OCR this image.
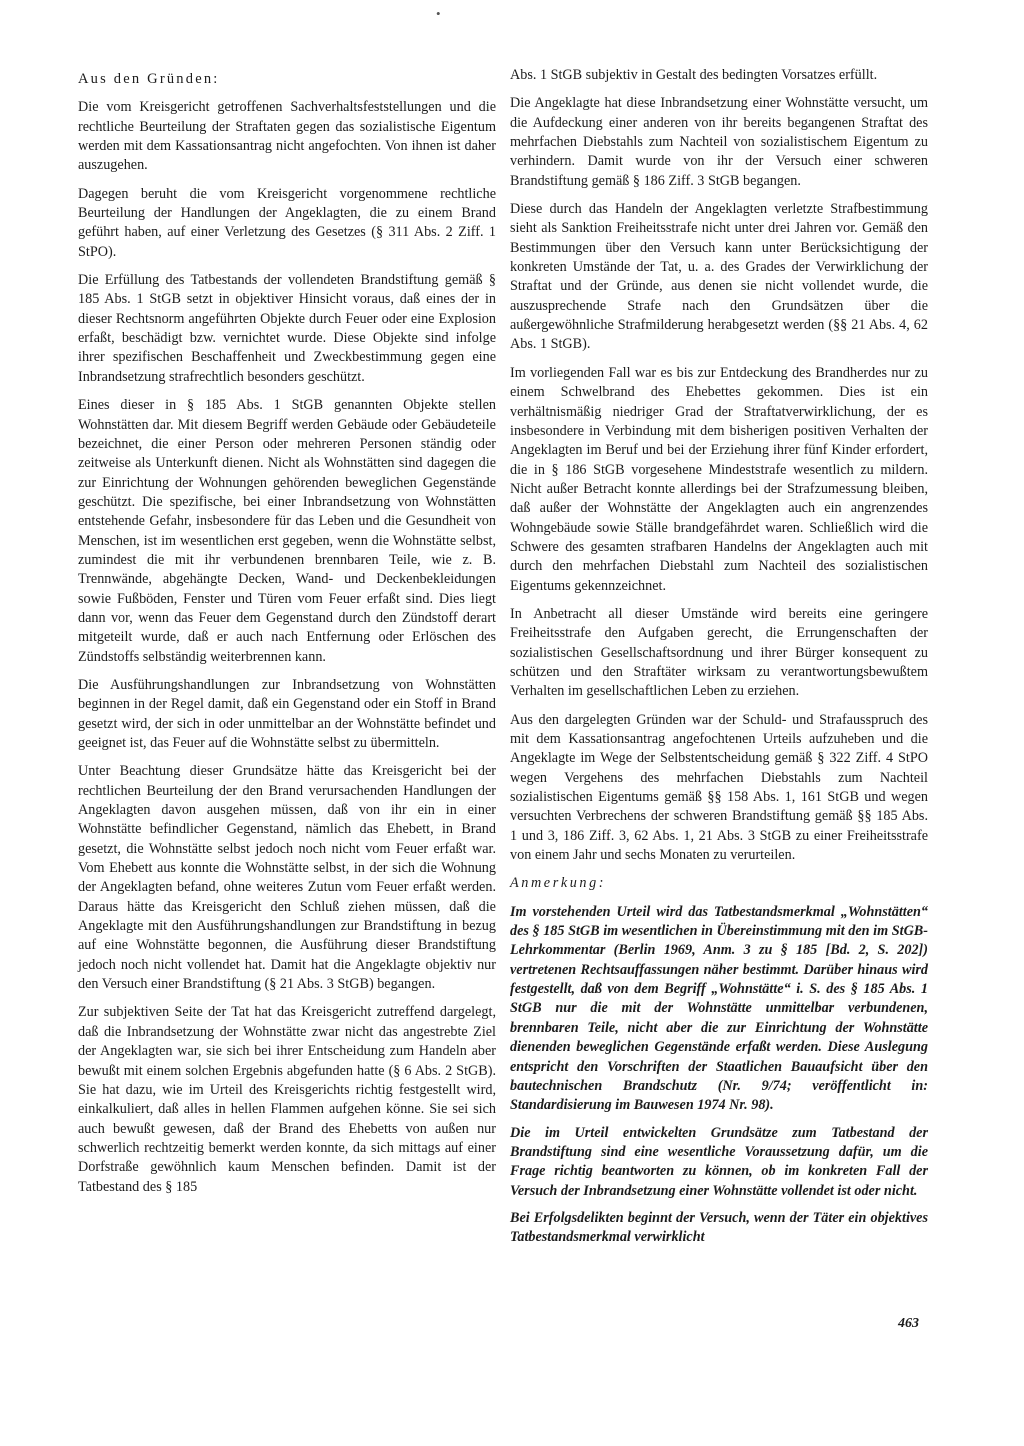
•

Aus den Gründen:

Die vom Kreisgericht getroffenen Sachverhaltsfeststellungen und die rechtliche Beurteilung der Straftaten gegen das sozialistische Eigentum werden mit dem Kassationsantrag nicht angefochten. Von ihnen ist daher auszugehen.

Dagegen beruht die vom Kreisgericht vorgenommene rechtliche Beurteilung der Handlungen der Angeklagten, die zu einem Brand geführt haben, auf einer Verletzung des Gesetzes (§ 311 Abs. 2 Ziff. 1 StPO).

Die Erfüllung des Tatbestands der vollendeten Brandstiftung gemäß § 185 Abs. 1 StGB setzt in objektiver Hinsicht voraus, daß eines der in dieser Rechtsnorm angeführten Objekte durch Feuer oder eine Explosion erfaßt, beschädigt bzw. vernichtet wurde. Diese Objekte sind infolge ihrer spezifischen Beschaffenheit und Zweckbestimmung gegen eine Inbrandsetzung strafrechtlich besonders geschützt.

Eines dieser in § 185 Abs. 1 StGB genannten Objekte stellen Wohnstätten dar. Mit diesem Begriff werden Gebäude oder Gebäudeteile bezeichnet, die einer Person oder mehreren Personen ständig oder zeitweise als Unterkunft dienen. Nicht als Wohnstätten sind dagegen die zur Einrichtung der Wohnungen gehörenden beweglichen Gegenstände geschützt. Die spezifische, bei einer Inbrandsetzung von Wohnstätten entstehende Gefahr, insbesondere für das Leben und die Gesundheit von Menschen, ist im wesentlichen erst gegeben, wenn die Wohnstätte selbst, zumindest die mit ihr verbundenen brennbaren Teile, wie z. B. Trennwände, abgehängte Decken, Wand- und Deckenbekleidungen sowie Fußböden, Fenster und Türen vom Feuer erfaßt sind. Dies liegt dann vor, wenn das Feuer dem Gegenstand durch den Zündstoff derart mitgeteilt wurde, daß er auch nach Entfernung oder Erlöschen des Zündstoffs selbständig weiterbrennen kann.

Die Ausführungshandlungen zur Inbrandsetzung von Wohnstätten beginnen in der Regel damit, daß ein Gegenstand oder ein Stoff in Brand gesetzt wird, der sich in oder unmittelbar an der Wohnstätte befindet und geeignet ist, das Feuer auf die Wohnstätte selbst zu übermitteln.

Unter Beachtung dieser Grundsätze hätte das Kreisgericht bei der rechtlichen Beurteilung der den Brand verursachenden Handlungen der Angeklagten davon ausgehen müssen, daß von ihr ein in einer Wohnstätte befindlicher Gegenstand, nämlich das Ehebett, in Brand gesetzt, die Wohnstätte selbst jedoch noch nicht vom Feuer erfaßt war. Vom Ehebett aus konnte die Wohnstätte selbst, in der sich die Wohnung der Angeklagten befand, ohne weiteres Zutun vom Feuer erfaßt werden. Daraus hätte das Kreisgericht den Schluß ziehen müssen, daß die Angeklagte mit den Ausführungshandlungen zur Brandstiftung in bezug auf eine Wohnstätte begonnen, die Ausführung dieser Brandstiftung jedoch noch nicht vollendet hat. Damit hat die Angeklagte objektiv nur den Versuch einer Brandstiftung (§ 21 Abs. 3 StGB) begangen.

Zur subjektiven Seite der Tat hat das Kreisgericht zutreffend dargelegt, daß die Inbrandsetzung der Wohnstätte zwar nicht das angestrebte Ziel der Angeklagten war, sie sich bei ihrer Entscheidung zum Handeln aber bewußt mit einem solchen Ergebnis abgefunden hatte (§ 6 Abs. 2 StGB). Sie hat dazu, wie im Urteil des Kreisgerichts richtig festgestellt wird, einkalkuliert, daß alles in hellen Flammen aufgehen könne. Sie sei sich auch bewußt gewesen, daß der Brand des Ehebetts von außen nur schwerlich rechtzeitig bemerkt werden konnte, da sich mittags auf einer Dorfstraße gewöhnlich kaum Menschen befinden. Damit ist der Tatbestand des § 185

Abs. 1 StGB subjektiv in Gestalt des bedingten Vorsatzes erfüllt.

Die Angeklagte hat diese Inbrandsetzung einer Wohnstätte versucht, um die Aufdeckung einer anderen von ihr bereits begangenen Straftat des mehrfachen Diebstahls zum Nachteil von sozialistischem Eigentum zu verhindern. Damit wurde von ihr der Versuch einer schweren Brandstiftung gemäß § 186 Ziff. 3 StGB begangen.

Diese durch das Handeln der Angeklagten verletzte Strafbestimmung sieht als Sanktion Freiheitsstrafe nicht unter drei Jahren vor. Gemäß den Bestimmungen über den Versuch kann unter Berücksichtigung der konkreten Umstände der Tat, u. a. des Grades der Verwirklichung der Straftat und der Gründe, aus denen sie nicht vollendet wurde, die auszusprechende Strafe nach den Grundsätzen über die außergewöhnliche Strafmilderung herabgesetzt werden (§§ 21 Abs. 4, 62 Abs. 1 StGB).

Im vorliegenden Fall war es bis zur Entdeckung des Brandherdes nur zu einem Schwelbrand des Ehebettes gekommen. Dies ist ein verhältnismäßig niedriger Grad der Straftatverwirklichung, der es insbesondere in Verbindung mit dem bisherigen positiven Verhalten der Angeklagten im Beruf und bei der Erziehung ihrer fünf Kinder erfordert, die in § 186 StGB vorgesehene Mindeststrafe wesentlich zu mildern. Nicht außer Betracht konnte allerdings bei der Strafzumessung bleiben, daß außer der Wohnstätte der Angeklagten auch ein angrenzendes Wohngebäude sowie Ställe brandgefährdet waren. Schließlich wird die Schwere des gesamten strafbaren Handelns der Angeklagten auch mit durch den mehrfachen Diebstahl zum Nachteil des sozialistischen Eigentums gekennzeichnet.

In Anbetracht all dieser Umstände wird bereits eine geringere Freiheitsstrafe den Aufgaben gerecht, die Errungenschaften der sozialistischen Gesellschaftsordnung und ihrer Bürger konsequent zu schützen und den Straftäter wirksam zu verantwortungsbewußtem Verhalten im gesellschaftlichen Leben zu erziehen.

Aus den dargelegten Gründen war der Schuld- und Strafausspruch des mit dem Kassationsantrag angefochtenen Urteils aufzuheben und die Angeklagte im Wege der Selbstentscheidung gemäß § 322 Ziff. 4 StPO wegen Vergehens des mehrfachen Diebstahls zum Nachteil sozialistischen Eigentums gemäß §§ 158 Abs. 1, 161 StGB und wegen versuchten Verbrechens der schweren Brandstiftung gemäß §§ 185 Abs. 1 und 3, 186 Ziff. 3, 62 Abs. 1, 21 Abs. 3 StGB zu einer Freiheitsstrafe von einem Jahr und sechs Monaten zu verurteilen.

Anmerkung:

Im vorstehenden Urteil wird das Tatbestandsmerkmal „Wohnstätten“ des § 185 StGB im wesentlichen in Übereinstimmung mit den im StGB-Lehrkommentar (Berlin 1969, Anm. 3 zu § 185 [Bd. 2, S. 202]) vertretenen Rechtsauffassungen näher bestimmt. Darüber hinaus wird festgestellt, daß von dem Begriff „Wohnstätte“ i. S. des § 185 Abs. 1 StGB nur die mit der Wohnstätte unmittelbar verbundenen, brennbaren Teile, nicht aber die zur Einrichtung der Wohnstätte dienenden beweglichen Gegenstände erfaßt werden. Diese Auslegung entspricht den Vorschriften der Staatlichen Bauaufsicht über den bautechnischen Brandschutz (Nr. 9/74; veröffentlicht in: Standardisierung im Bauwesen 1974 Nr. 98).

Die im Urteil entwickelten Grundsätze zum Tatbestand der Brandstiftung sind eine wesentliche Voraussetzung dafür, um die Frage richtig beantworten zu können, ob im konkreten Fall der Versuch der Inbrandsetzung einer Wohnstätte vollendet ist oder nicht.

Bei Erfolgsdelikten beginnt der Versuch, wenn der Täter ein objektives Tatbestandsmerkmal verwirklicht

463
